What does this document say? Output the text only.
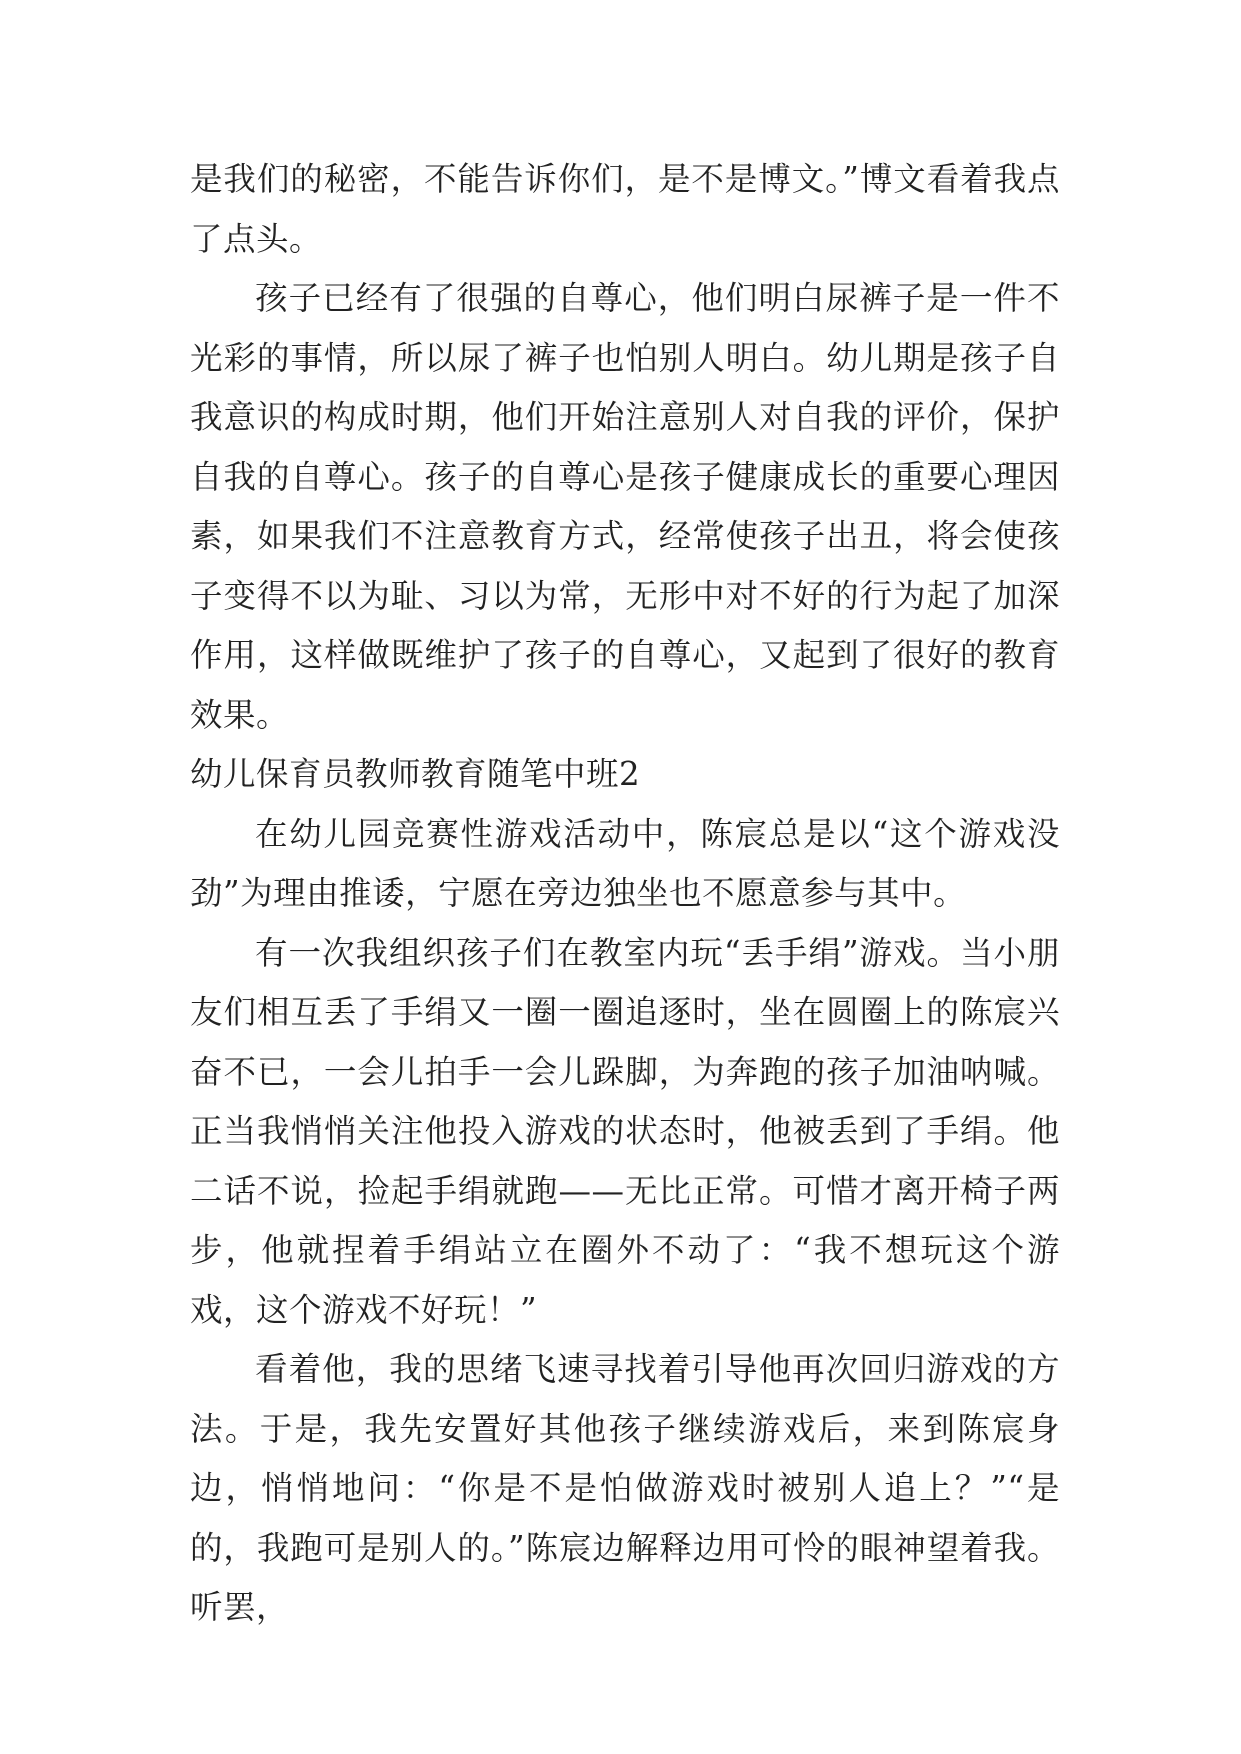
是我们的秘密，不能告诉你们，是不是博文。”博文看着我点了点头。

孩子已经有了很强的自尊心，他们明白尿裤子是一件不光彩的事情，所以尿了裤子也怕别人明白。幼儿期是孩子自我意识的构成时期，他们开始注意别人对自我的评价，保护自我的自尊心。孩子的自尊心是孩子健康成长的重要心理因素，如果我们不注意教育方式，经常使孩子出丑，将会使孩子变得不以为耻、习以为常，无形中对不好的行为起了加深作用，这样做既维护了孩子的自尊心，又起到了很好的教育效果。

幼儿保育员教师教育随笔中班2

在幼儿园竞赛性游戏活动中，陈宸总是以“这个游戏没劲”为理由推诿，宁愿在旁边独坐也不愿意参与其中。

有一次我组织孩子们在教室内玩“丢手绢”游戏。当小朋友们相互丢了手绢又一圈一圈追逐时，坐在圆圈上的陈宸兴奋不已，一会儿拍手一会儿跺脚，为奔跑的孩子加油呐喊。正当我悄悄关注他投入游戏的状态时，他被丢到了手绢。他二话不说，捡起手绢就跑——无比正常。可惜才离开椅子两步，他就捏着手绢站立在圈外不动了：“我不想玩这个游戏，这个游戏不好玩！”

看着他，我的思绪飞速寻找着引导他再次回归游戏的方法。于是，我先安置好其他孩子继续游戏后，来到陈宸身边，悄悄地问：“你是不是怕做游戏时被别人追上？”“是的，我跑可是别人的。”陈宸边解释边用可怜的眼神望着我。听罢，
